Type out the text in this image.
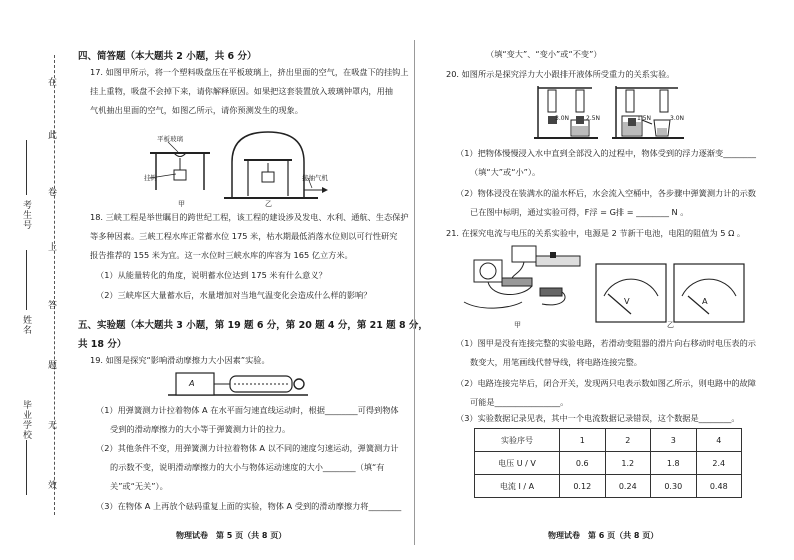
在
此
卷
上
答
题
无
效
考生号
姓名
毕业学校
四、简答题（本大题共 2 小题，共 6 分）
17. 如图甲所示，将一个塑料吸盘压在平板玻璃上，挤出里面的空气，在吸盘下的挂钩上
挂上重物，吸盘不会掉下来，请你解释原因。如果把这套装置放入玻璃钟罩内，用抽
气机抽出里面的空气，如图乙所示，请你预测发生的现象。
平板玻璃
挂钩	接抽气机
甲	乙
18. 三峡工程是举世瞩目的跨世纪工程，该工程的建设涉及发电、水利、通航、生态保护
等多种因素。三峡工程水库正常蓄水位 175 米，枯水期最低消落水位则以可行性研究
报告推荐的 155 米为宜。这一水位时三峡水库的库容为 165 亿立方米。
（1）从能量转化的角度，说明蓄水位达到 175 米有什么意义？
（2）三峡库区大量蓄水后，水量增加对当地气温变化会造成什么样的影响？
五、实验题（本大题共 3 小题，第 19 题 6 分，第 20 题 4 分，第 21 题 8 分，
共 18 分）
19. 如图是探究“影响滑动摩擦力大小因素”实验。
A
（1）用弹簧测力计拉着物体 A 在水平面匀速直线运动时，根据________可得到物体
受到的滑动摩擦力的大小等于弹簧测力计的拉力。
（2）其他条件不变，用弹簧测力计拉着物体 A 以不同的速度匀速运动，弹簧测力计
的示数不变，说明滑动摩擦力的大小与物体运动速度的大小________（填“有
关”或“无关”）。
（3）在物体 A 上再放个砝码重复上面的实验，物体 A 受到的滑动摩擦力将________
物理试卷　第 5 页（共 8 页）
（填“变大”、“变小”或“不变”）
20. 如图所示是探究浮力大小跟排开液体所受重力的关系实验。
3.0N	2.5N	1.5N	3.0N
（1）把物体慢慢浸入水中直到全部没入的过程中，物体受到的浮力逐渐变________
（填“大”或“小”）。
（2）物体浸没在装满水的溢水杯后，水会流入空桶中，各步骤中弹簧测力计的示数
已在图中标明，通过实验可得，F浮 = G排 = ________ N 。
21. 在探究电流与电压的关系实验中，电源是 2 节新干电池，电阻的阻值为 5 Ω 。
甲
V	A
乙
（1）图甲是没有连接完整的实验电路，若滑动变阻器的滑片向右移动时电压表的示
数变大，用笔画线代替导线，将电路连接完整。
（2）电路连接完毕后，闭合开关，发现两只电表示数如图乙所示，则电路中的故障
可能是________________。
（3）实验数据记录见表，其中一个电流数据记录错误，这个数据是________。
实验序号	1	2	3	4
电压 U / V	0.6	1.2	1.8	2.4
电流 I / A	0.12	0.24	0.30	0.48
物理试卷　第 6 页（共 8 页）
